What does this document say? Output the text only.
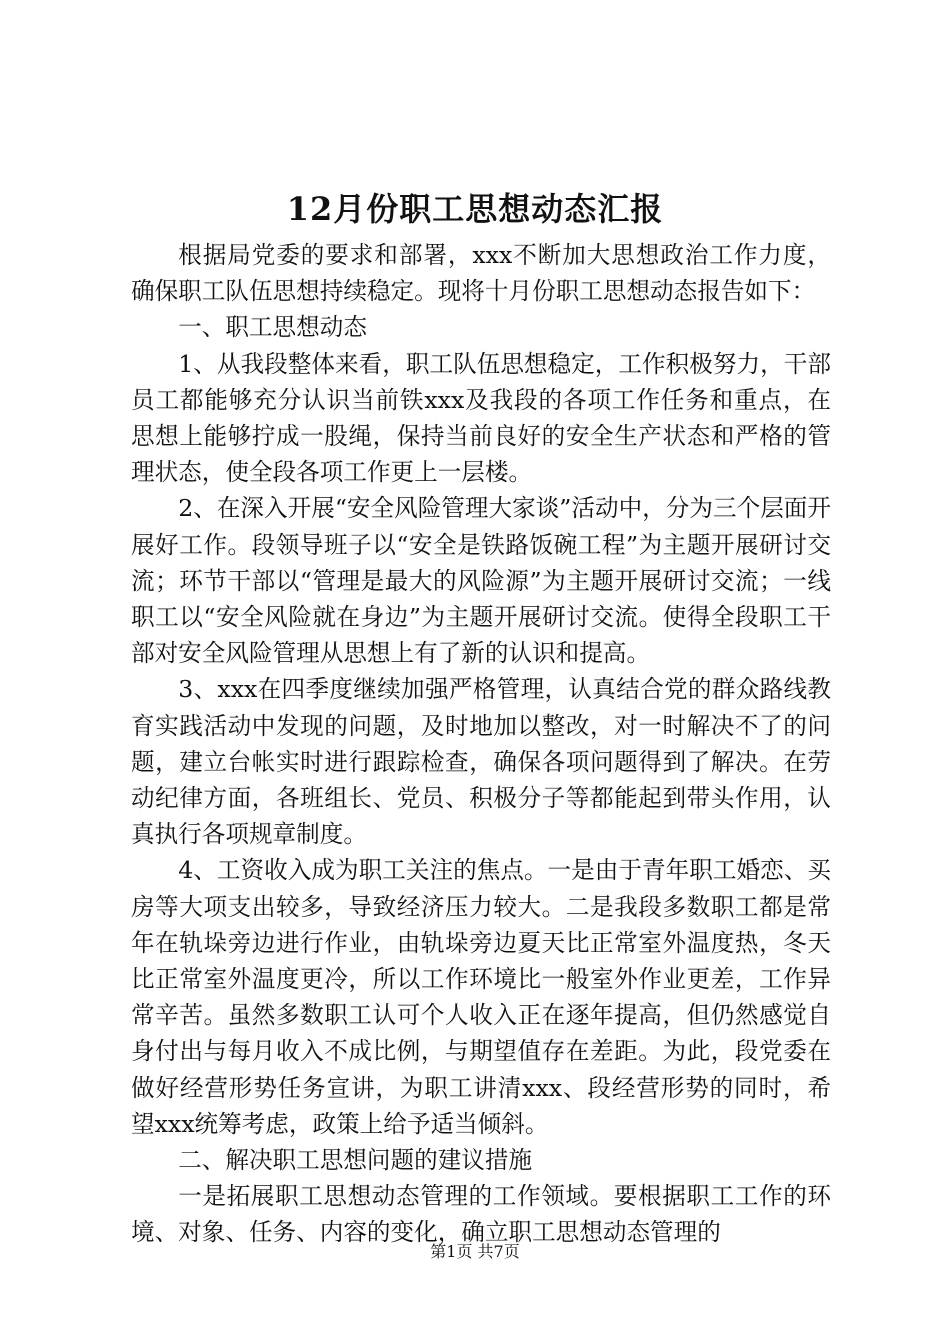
12月份职工思想动态汇报

根据局党委的要求和部署，xxx不断加大思想政治工作力度，确保职工队伍思想持续稳定。现将十月份职工思想动态报告如下：

一、职工思想动态

1、从我段整体来看，职工队伍思想稳定，工作积极努力，干部员工都能够充分认识当前铁xxx及我段的各项工作任务和重点，在思想上能够拧成一股绳，保持当前良好的安全生产状态和严格的管理状态，使全段各项工作更上一层楼。

2、在深入开展“安全风险管理大家谈”活动中，分为三个层面开展好工作。段领导班子以“安全是铁路饭碗工程”为主题开展研讨交流；环节干部以“管理是最大的风险源”为主题开展研讨交流；一线职工以“安全风险就在身边”为主题开展研讨交流。使得全段职工干部对安全风险管理从思想上有了新的认识和提高。

3、xxx在四季度继续加强严格管理，认真结合党的群众路线教育实践活动中发现的问题，及时地加以整改，对一时解决不了的问题，建立台帐实时进行跟踪检查，确保各项问题得到了解决。在劳动纪律方面，各班组长、党员、积极分子等都能起到带头作用，认真执行各项规章制度。

4、工资收入成为职工关注的焦点。一是由于青年职工婚恋、买房等大项支出较多，导致经济压力较大。二是我段多数职工都是常年在轨垛旁边进行作业，由轨垛旁边夏天比正常室外温度热，冬天比正常室外温度更冷，所以工作环境比一般室外作业更差，工作异常辛苦。虽然多数职工认可个人收入正在逐年提高，但仍然感觉自身付出与每月收入不成比例，与期望值存在差距。为此，段党委在做好经营形势任务宣讲，为职工讲清xxx、段经营形势的同时，希望xxx统筹考虑，政策上给予适当倾斜。

二、解决职工思想问题的建议措施

一是拓展职工思想动态管理的工作领域。要根据职工工作的环境、对象、任务、内容的变化，确立职工思想动态管理的

第1页 共7页
